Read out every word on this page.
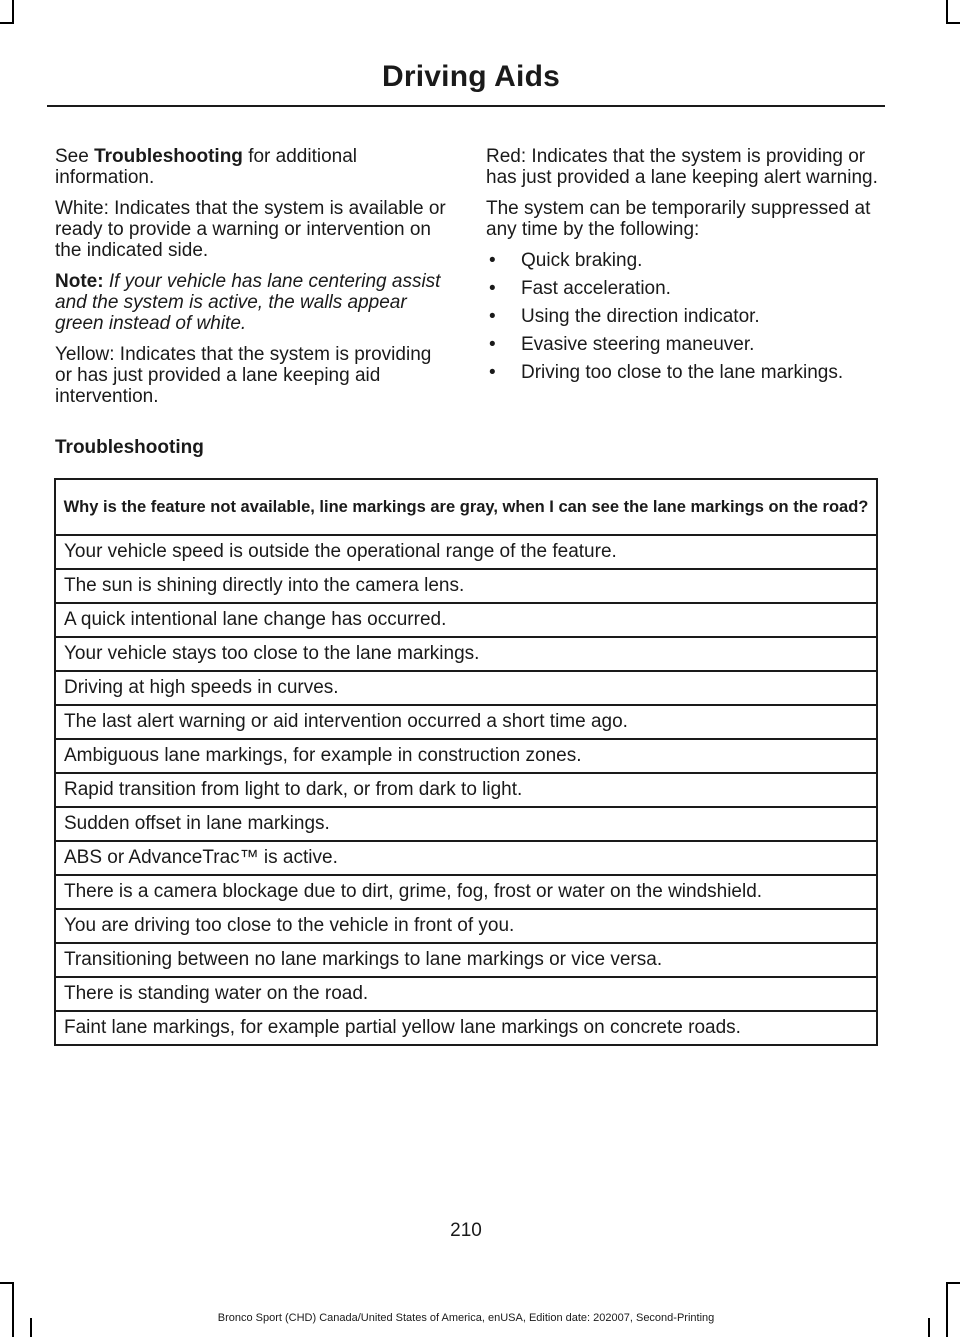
Driving Aids

See Troubleshooting for additional information.

White: Indicates that the system is available or ready to provide a warning or intervention on the indicated side.

Note: If your vehicle has lane centering assist and the system is active, the walls appear green instead of white.

Yellow: Indicates that the system is providing or has just provided a lane keeping aid intervention.

Red: Indicates that the system is providing or has just provided a lane keeping alert warning.

The system can be temporarily suppressed at any time by the following:

• Quick braking.
• Fast acceleration.
• Using the direction indicator.
• Evasive steering maneuver.
• Driving too close to the lane markings.
Troubleshooting
Why is the feature not available, line markings are gray, when I can see the lane markings on the road?
Your vehicle speed is outside the operational range of the feature.
The sun is shining directly into the camera lens.
A quick intentional lane change has occurred.
Your vehicle stays too close to the lane markings.
Driving at high speeds in curves.
The last alert warning or aid intervention occurred a short time ago.
Ambiguous lane markings, for example in construction zones.
Rapid transition from light to dark, or from dark to light.
Sudden offset in lane markings.
ABS or AdvanceTrac™ is active.
There is a camera blockage due to dirt, grime, fog, frost or water on the windshield.
You are driving too close to the vehicle in front of you.
Transitioning between no lane markings to lane markings or vice versa.
There is standing water on the road.
Faint lane markings, for example partial yellow lane markings on concrete roads.
210
Bronco Sport (CHD) Canada/United States of America, enUSA, Edition date: 202007, Second-Printing
